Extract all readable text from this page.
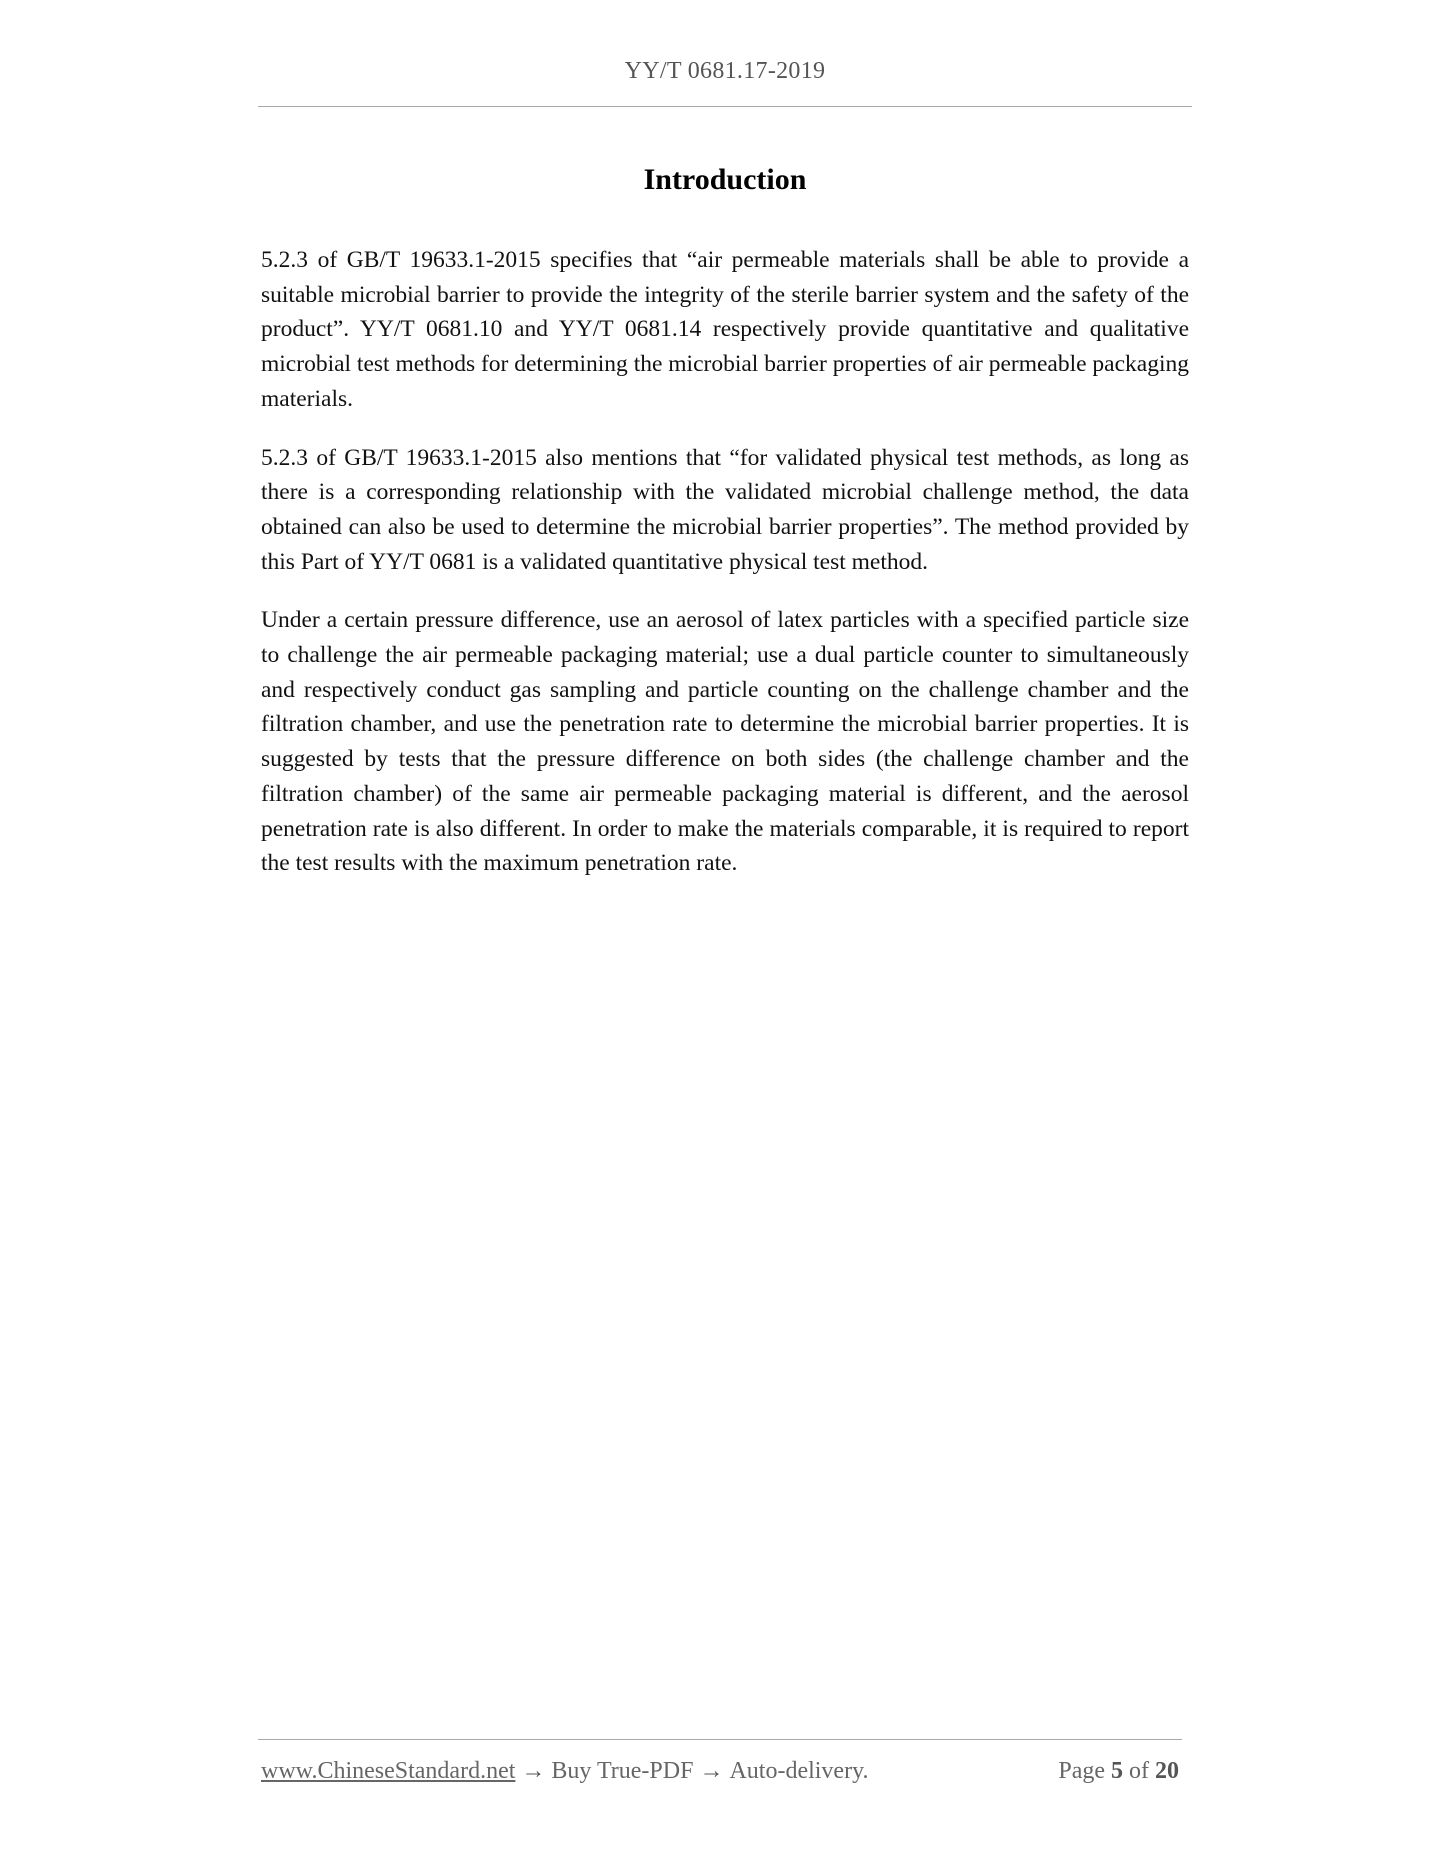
YY/T 0681.17-2019
Introduction

5.2.3 of GB/T 19633.1-2015 specifies that “air permeable materials shall be able to provide a suitable microbial barrier to provide the integrity of the sterile barrier system and the safety of the product”. YY/T 0681.10 and YY/T 0681.14 respectively provide quantitative and qualitative microbial test methods for determining the microbial barrier properties of air permeable packaging materials.

5.2.3 of GB/T 19633.1-2015 also mentions that “for validated physical test methods, as long as there is a corresponding relationship with the validated microbial challenge method, the data obtained can also be used to determine the microbial barrier properties”. The method provided by this Part of YY/T 0681 is a validated quantitative physical test method.

Under a certain pressure difference, use an aerosol of latex particles with a specified particle size to challenge the air permeable packaging material; use a dual particle counter to simultaneously and respectively conduct gas sampling and particle counting on the challenge chamber and the filtration chamber, and use the penetration rate to determine the microbial barrier properties. It is suggested by tests that the pressure difference on both sides (the challenge chamber and the filtration chamber) of the same air permeable packaging material is different, and the aerosol penetration rate is also different. In order to make the materials comparable, it is required to report the test results with the maximum penetration rate.

www.ChineseStandard.net → Buy True-PDF → Auto-delivery.	Page 5 of 20
